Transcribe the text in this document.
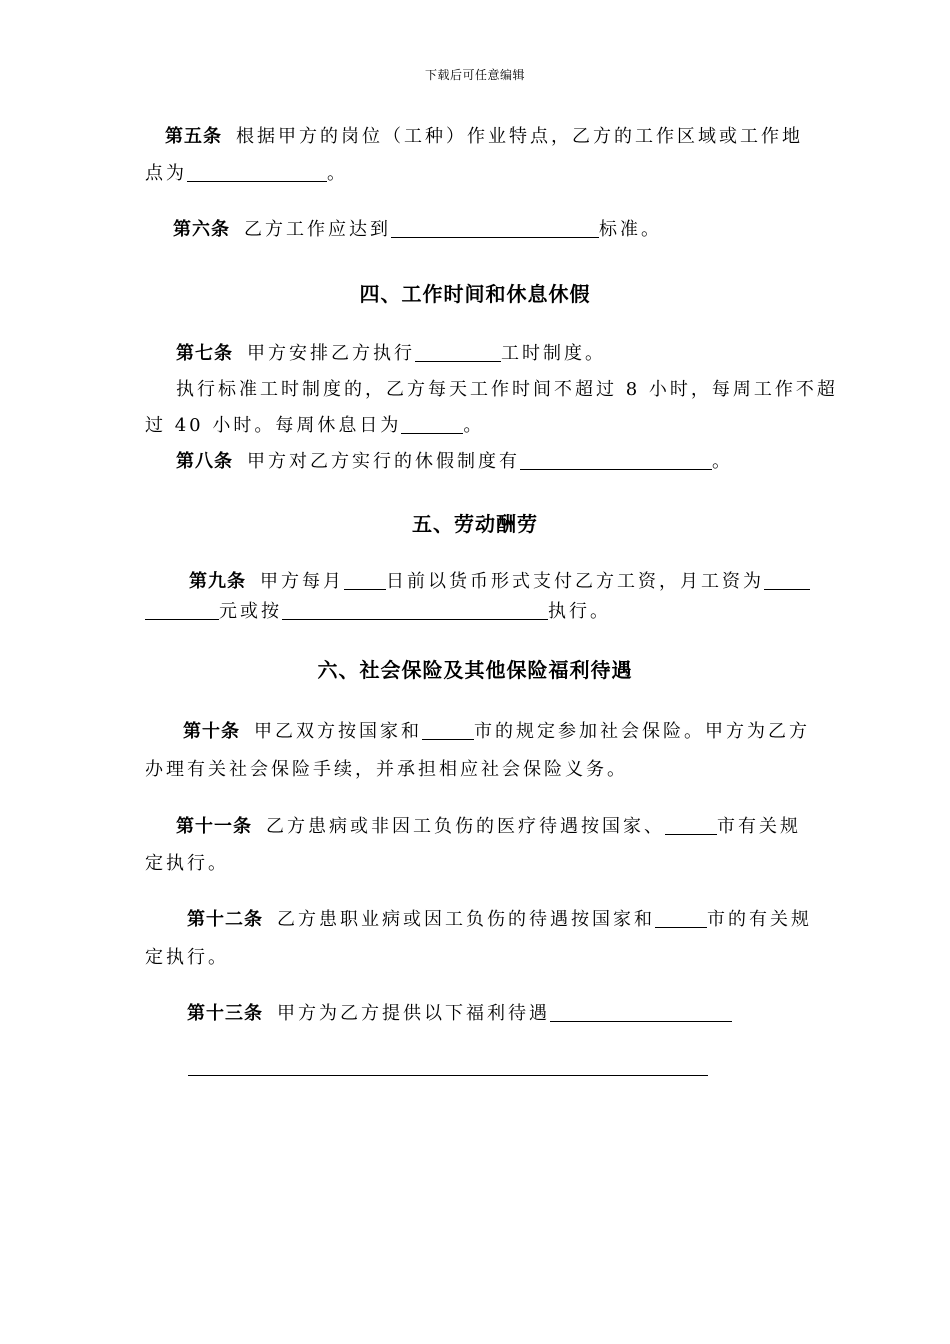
下载后可任意编辑
第五条 根据甲方的岗位（工种）作业特点，乙方的工作区域或工作地
点为	。
第六条 乙方工作应达到	标准。
四、工作时间和休息休假
第七条 甲方安排乙方执行	工时制度。
执行标准工时制度的，乙方每天工作时间不超过 8 小时，每周工作不超
过 40 小时。每周休息日为	。
第八条 甲方对乙方实行的休假制度有	。
五、劳动酬劳
第九条 甲方每月 日前以货币形式支付乙方工资，月工资为
元或按	执行。
六、社会保险及其他保险福利待遇
第十条 甲乙双方按国家和	市的规定参加社会保险。甲方为乙方
办理有关社会保险手续，并承担相应社会保险义务。
第十一条 乙方患病或非因工负伤的医疗待遇按国家、	市有关规
定执行。
第十二条 乙方患职业病或因工负伤的待遇按国家和	市的有关规
定执行。
第十三条 甲方为乙方提供以下福利待遇
